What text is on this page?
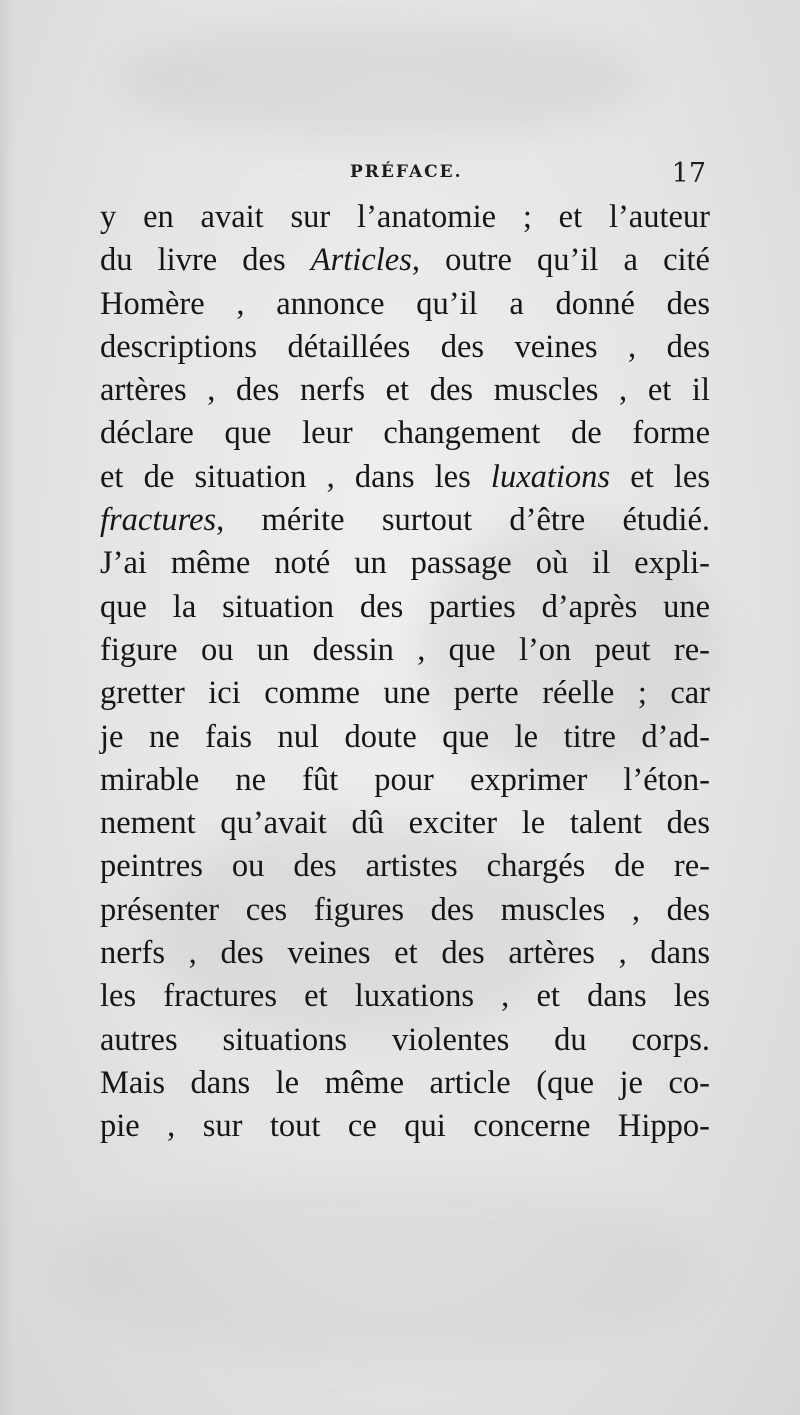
PRÉFACE.	17
y en avait sur l’anatomie ; et l’auteur
du livre des Articles, outre qu’il a cité
Homère , annonce qu’il a donné des
descriptions détaillées des veines , des
artères , des nerfs et des muscles , et il
déclare que leur changement de forme
et de situation , dans les luxations et les
fractures, mérite surtout d’être étudié.
J’ai même noté un passage où il expli-
que la situation des parties d’après une
figure ou un dessin , que l’on peut re-
gretter ici comme une perte réelle ; car
je ne fais nul doute que le titre d’ad-
mirable ne fût pour exprimer l’éton-
nement qu’avait dû exciter le talent des
peintres ou des artistes chargés de re-
présenter ces figures des muscles , des
nerfs , des veines et des artères , dans
les fractures et luxations , et dans les
autres situations violentes du corps.
Mais dans le même article (que je co-
pie , sur tout ce qui concerne Hippo-
